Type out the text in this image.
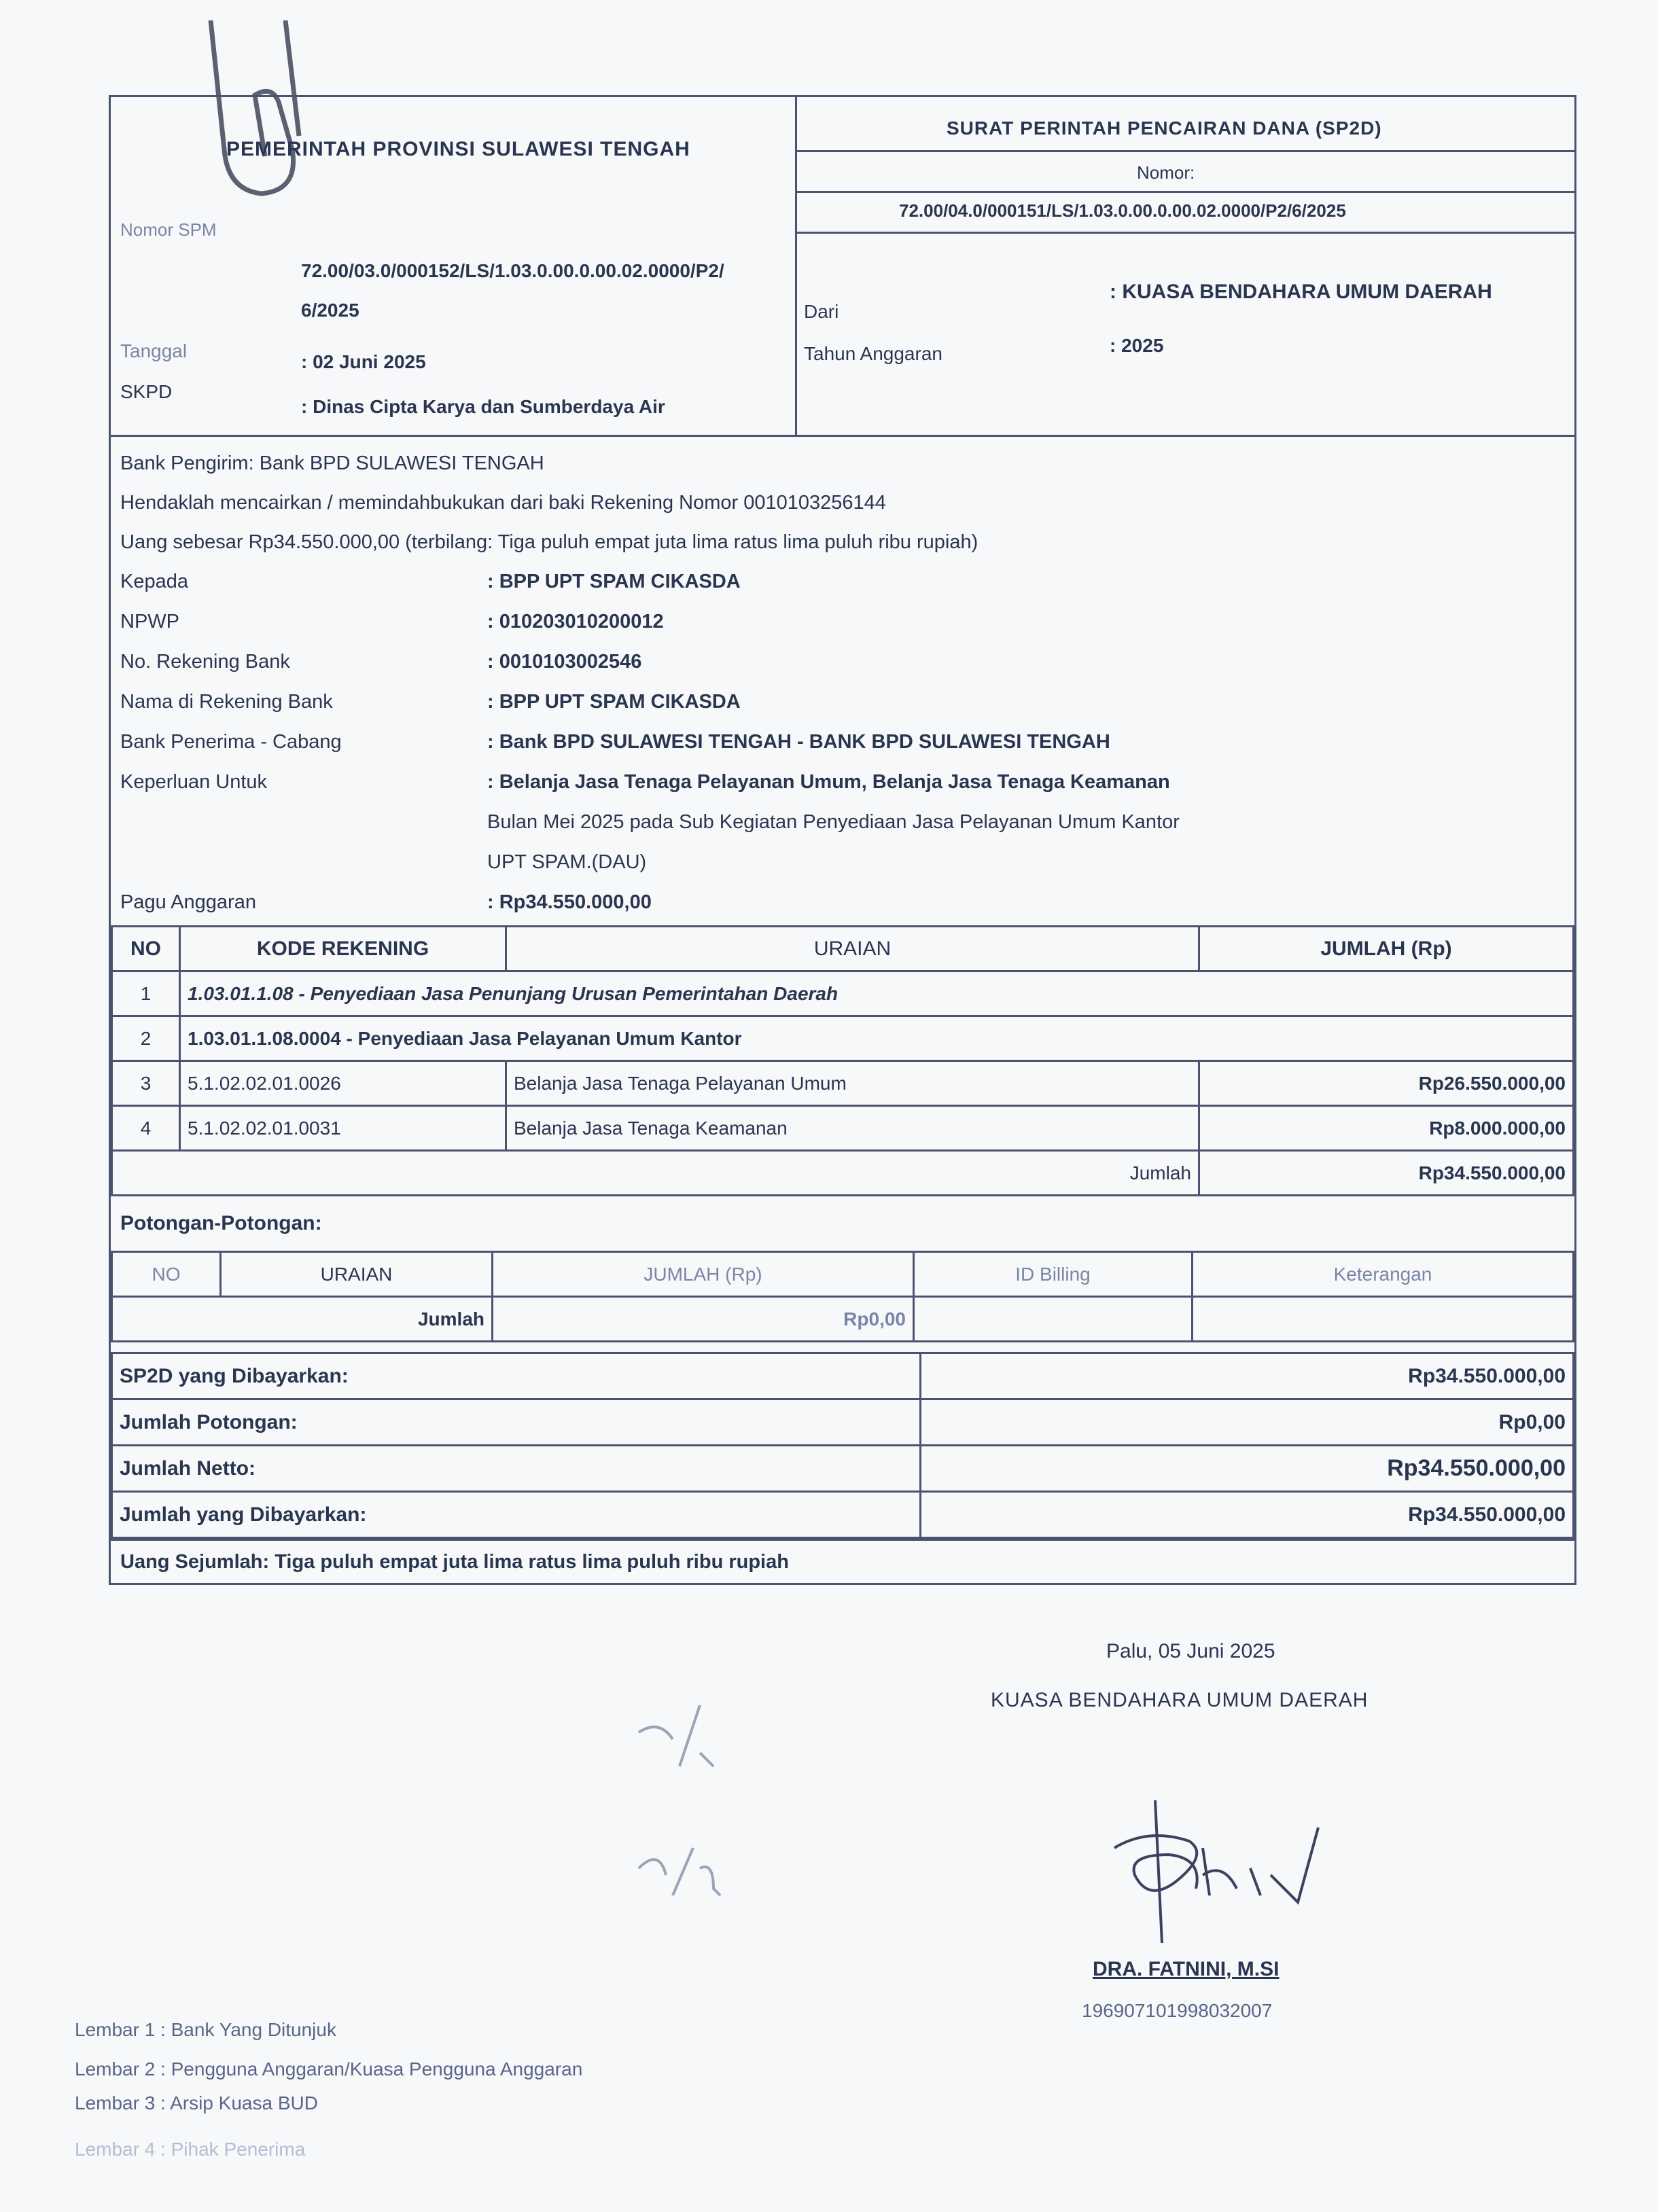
PEMERINTAH PROVINSI SULAWESI TENGAH
Nomor SPM
72.00/03.0/000152/LS/1.03.0.00.0.00.02.0000/P2/
6/2025
Tanggal
: 02 Juni 2025
SKPD
: Dinas Cipta Karya dan Sumberdaya Air
SURAT PERINTAH PENCAIRAN DANA (SP2D)
Nomor:
72.00/04.0/000151/LS/1.03.0.00.0.00.02.0000/P2/6/2025
Dari
: KUASA BENDAHARA UMUM DAERAH
Tahun Anggaran	: 2025
Bank Pengirim: Bank BPD SULAWESI TENGAH
Hendaklah mencairkan / memindahbukukan dari baki Rekening Nomor 0010103256144
Uang sebesar Rp34.550.000,00 (terbilang: Tiga puluh empat juta lima ratus lima puluh ribu rupiah)
Kepada	: BPP UPT SPAM CIKASDA
NPWP	: 010203010200012
No. Rekening Bank	: 0010103002546
Nama di Rekening Bank	: BPP UPT SPAM CIKASDA
Bank Penerima - Cabang	: Bank BPD SULAWESI TENGAH - BANK BPD SULAWESI TENGAH
Keperluan Untuk	: Belanja Jasa Tenaga Pelayanan Umum, Belanja Jasa Tenaga Keamanan
Bulan Mei 2025 pada Sub Kegiatan Penyediaan Jasa Pelayanan Umum Kantor
UPT SPAM.(DAU)
Pagu Anggaran	: Rp34.550.000,00
NO	KODE REKENING	URAIAN	JUMLAH (Rp)
1	1.03.01.1.08 - Penyediaan Jasa Penunjang Urusan Pemerintahan Daerah		
2	1.03.01.1.08.0004 - Penyediaan Jasa Pelayanan Umum Kantor		
3	5.1.02.02.01.0026	Belanja Jasa Tenaga Pelayanan Umum	Rp26.550.000,00
4	5.1.02.02.01.0031	Belanja Jasa Tenaga Keamanan	Rp8.000.000,00
Jumlah			Rp34.550.000,00
Potongan-Potongan:
NO	URAIAN	JUMLAH (Rp)	ID Billing	Keterangan
Jumlah		Rp0,00		
SP2D yang Dibayarkan:	Rp34.550.000,00
Jumlah Potongan:	Rp0,00
Jumlah Netto:	Rp34.550.000,00
Jumlah yang Dibayarkan:	Rp34.550.000,00
Uang Sejumlah: Tiga puluh empat juta lima ratus lima puluh ribu rupiah
Palu, 05 Juni 2025
KUASA BENDAHARA UMUM DAERAH
DRA. FATNINI, M.SI
196907101998032007
Lembar 1 : Bank Yang Ditunjuk
Lembar 2 : Pengguna Anggaran/Kuasa Pengguna Anggaran
Lembar 3 : Arsip Kuasa BUD
Lembar 4 : Pihak Penerima
